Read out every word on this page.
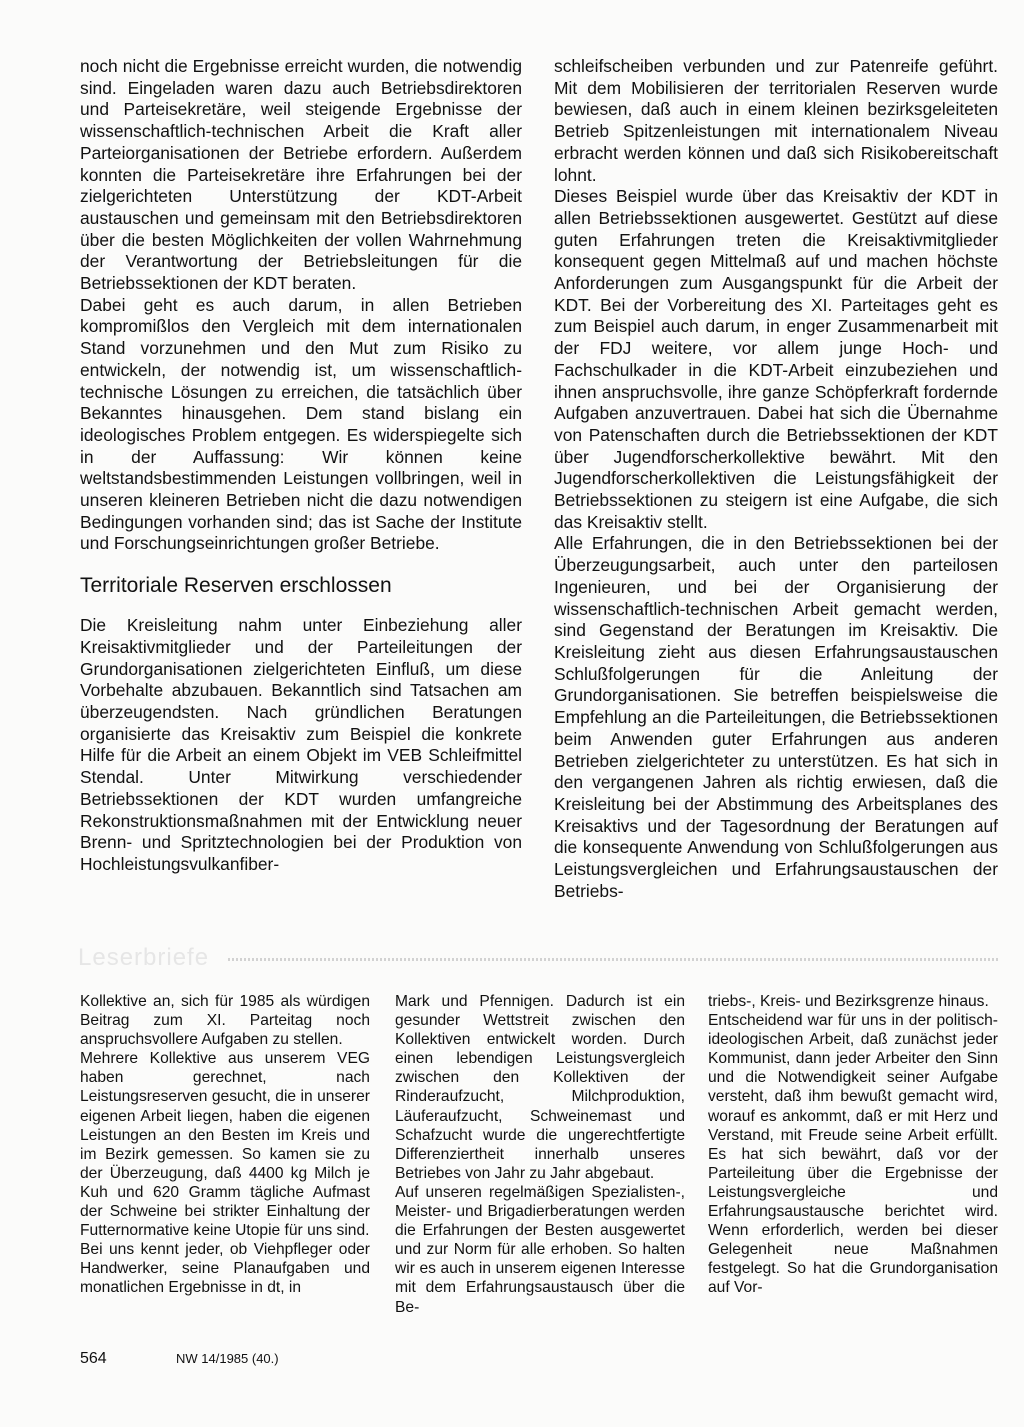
noch nicht die Ergebnisse erreicht wurden, die notwendig sind. Eingeladen waren dazu auch Betriebsdirektoren und Parteisekretäre, weil steigende Ergebnisse der wissenschaftlich-technischen Arbeit die Kraft aller Parteiorganisationen der Betriebe erfordern. Außerdem konnten die Parteisekretäre ihre Erfahrungen bei der zielgerichteten Unterstützung der KDT-Arbeit austauschen und gemeinsam mit den Betriebsdirektoren über die besten Möglichkeiten der vollen Wahrnehmung der Verantwortung der Betriebsleitungen für die Betriebssektionen der KDT beraten.

Dabei geht es auch darum, in allen Betrieben kompromißlos den Vergleich mit dem internationalen Stand vorzunehmen und den Mut zum Risiko zu entwickeln, der notwendig ist, um wissenschaftlich-technische Lösungen zu erreichen, die tatsächlich über Bekanntes hinausgehen. Dem stand bislang ein ideologisches Problem entgegen. Es widerspiegelte sich in der Auffassung: Wir können keine weltstandsbestimmenden Leistungen vollbringen, weil in unseren kleineren Betrieben nicht die dazu notwendigen Bedingungen vorhanden sind; das ist Sache der Institute und Forschungseinrichtungen großer Betriebe.

Territoriale Reserven erschlossen

Die Kreisleitung nahm unter Einbeziehung aller Kreisaktivmitglieder und der Parteileitungen der Grundorganisationen zielgerichteten Einfluß, um diese Vorbehalte abzubauen. Bekanntlich sind Tatsachen am überzeugendsten. Nach gründlichen Beratungen organisierte das Kreisaktiv zum Beispiel die konkrete Hilfe für die Arbeit an einem Objekt im VEB Schleifmittel Stendal. Unter Mitwirkung verschiedender Betriebssektionen der KDT wurden umfangreiche Rekonstruktionsmaßnahmen mit der Entwicklung neuer Brenn- und Spritztechnologien bei der Produktion von Hochleistungsvulkanfiber-

schleifscheiben verbunden und zur Patenreife geführt. Mit dem Mobilisieren der territorialen Reserven wurde bewiesen, daß auch in einem kleinen bezirksgeleiteten Betrieb Spitzenleistungen mit internationalem Niveau erbracht werden können und daß sich Risikobereitschaft lohnt.

Dieses Beispiel wurde über das Kreisaktiv der KDT in allen Betriebssektionen ausgewertet. Gestützt auf diese guten Erfahrungen treten die Kreisaktivmitglieder konsequent gegen Mittelmaß auf und machen höchste Anforderungen zum Ausgangspunkt für die Arbeit der KDT. Bei der Vorbereitung des XI. Parteitages geht es zum Beispiel auch darum, in enger Zusammenarbeit mit der FDJ weitere, vor allem junge Hoch- und Fachschulkader in die KDT-Arbeit einzubeziehen und ihnen anspruchsvolle, ihre ganze Schöpferkraft fordernde Aufgaben anzuvertrauen. Dabei hat sich die Übernahme von Patenschaften durch die Betriebssektionen der KDT über Jugendforscherkollektive bewährt. Mit den Jugendforscherkollektiven die Leistungsfähigkeit der Betriebssektionen zu steigern ist eine Aufgabe, die sich das Kreisaktiv stellt.

Alle Erfahrungen, die in den Betriebssektionen bei der Überzeugungsarbeit, auch unter den parteilosen Ingenieuren, und bei der Organisierung der wissenschaftlich-technischen Arbeit gemacht werden, sind Gegenstand der Beratungen im Kreisaktiv. Die Kreisleitung zieht aus diesen Erfahrungsaustauschen Schlußfolgerungen für die Anleitung der Grundorganisationen. Sie betreffen beispielsweise die Empfehlung an die Parteileitungen, die Betriebssektionen beim Anwenden guter Erfahrungen aus anderen Betrieben zielgerichteter zu unterstützen. Es hat sich in den vergangenen Jahren als richtig erwiesen, daß die Kreisleitung bei der Abstimmung des Arbeitsplanes des Kreisaktivs und der Tagesordnung der Beratungen auf die konsequente Anwendung von Schlußfolgerungen aus Leistungsvergleichen und Erfahrungsaustauschen der Betriebs-

Leserbriefe

Kollektive an, sich für 1985 als würdigen Beitrag zum XI. Parteitag noch anspruchsvollere Aufgaben zu stellen.

Mehrere Kollektive aus unserem VEG haben gerechnet, nach Leistungsreserven gesucht, die in unserer eigenen Arbeit liegen, haben die eigenen Leistungen an den Besten im Kreis und im Bezirk gemessen. So kamen sie zu der Überzeugung, daß 4400 kg Milch je Kuh und 620 Gramm tägliche Aufmast der Schweine bei strikter Einhaltung der Futternormative keine Utopie für uns sind.

Bei uns kennt jeder, ob Viehpfleger oder Handwerker, seine Planaufgaben und monatlichen Ergebnisse in dt, in

Mark und Pfennigen. Dadurch ist ein gesunder Wettstreit zwischen den Kollektiven entwickelt worden. Durch einen lebendigen Leistungsvergleich zwischen den Kollektiven der Rinderaufzucht, Milchproduktion, Läuferaufzucht, Schweinemast und Schafzucht wurde die ungerechtfertigte Differenziertheit innerhalb unseres Betriebes von Jahr zu Jahr abgebaut.

Auf unseren regelmäßigen Spezialisten-, Meister- und Brigadierberatungen werden die Erfahrungen der Besten ausgewertet und zur Norm für alle erhoben. So halten wir es auch in unserem eigenen Interesse mit dem Erfahrungsaustausch über die Be-

triebs-, Kreis- und Bezirksgrenze hinaus.

Entscheidend war für uns in der politisch-ideologischen Arbeit, daß zunächst jeder Kommunist, dann jeder Arbeiter den Sinn und die Notwendigkeit seiner Aufgabe versteht, daß ihm bewußt gemacht wird, worauf es ankommt, daß er mit Herz und Verstand, mit Freude seine Arbeit erfüllt. Es hat sich bewährt, daß vor der Parteileitung über die Ergebnisse der Leistungsvergleiche und Erfahrungsaustausche berichtet wird. Wenn erforderlich, werden bei dieser Gelegenheit neue Maßnahmen festgelegt. So hat die Grundorganisation auf Vor-

564	NW 14/1985 (40.)
